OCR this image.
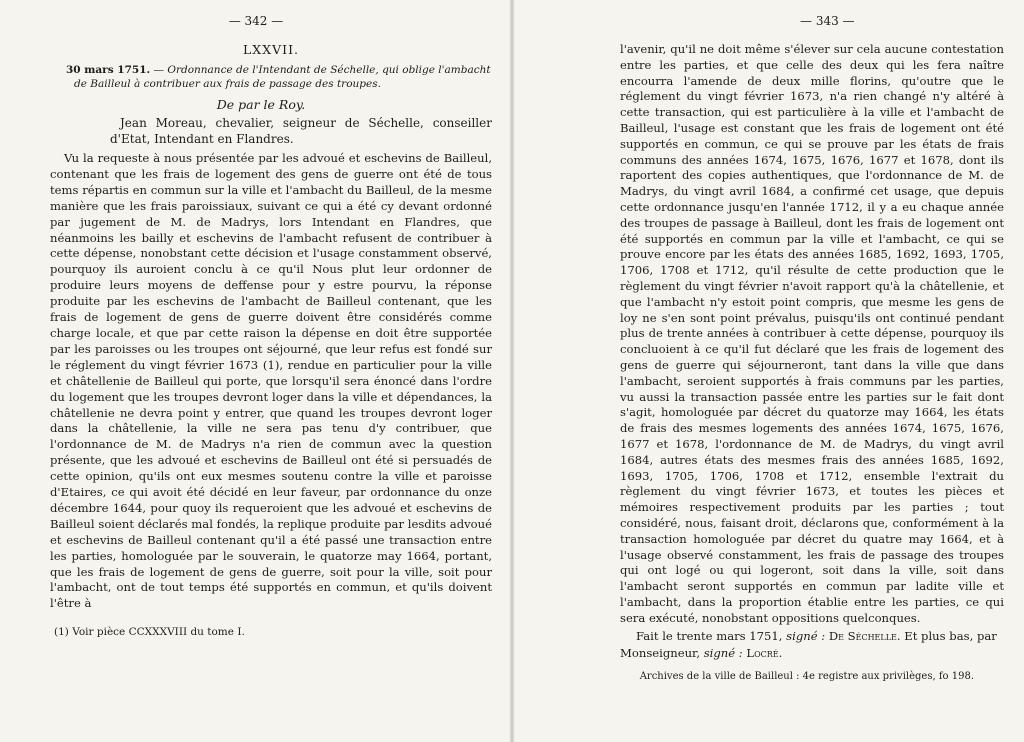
— 342 —
LXXVII.
30 mars 1751. — Ordonnance de l'Intendant de Séchelle, qui oblige l'ambacht de Bailleul à contribuer aux frais de passage des troupes.
De par le Roy.
Jean Moreau, chevalier, seigneur de Séchelle, conseiller d'Etat, Intendant en Flandres.

Vu la requeste à nous présentée par les advoué et eschevins de Bailleul, contenant que les frais de logement des gens de guerre ont été de tous tems répartis en commun sur la ville et l'ambacht du Bailleul, de la mesme manière que les frais paroissiaux, suivant ce qui a été cy devant ordonné par jugement de M. de Madrys, lors Intendant en Flandres, que néanmoins les bailly et eschevins de l'ambacht refusent de contribuer à cette dépense, nonobstant cette décision et l'usage constamment observé, pourquoy ils auroient conclu à ce qu'il Nous plut leur ordonner de produire leurs moyens de deffense pour y estre pourvu, la réponse produite par les eschevins de l'ambacht de Bailleul contenant, que les frais de logement de gens de guerre doivent être considérés comme charge locale, et que par cette raison la dépense en doit être supportée par les paroisses ou les troupes ont séjourné, que leur refus est fondé sur le réglement du vingt février 1673 (1), rendue en particulier pour la ville et châtellenie de Bailleul qui porte, que lorsqu'il sera énoncé dans l'ordre du logement que les troupes devront loger dans la ville et dépendances, la châtellenie ne devra point y entrer, que quand les troupes devront loger dans la châtellenie, la ville ne sera pas tenu d'y contribuer, que l'ordonnance de M. de Madrys n'a rien de commun avec la question présente, que les advoué et eschevins de Bailleul ont été si persuadés de cette opinion, qu'ils ont eux mesmes soutenu contre la ville et paroisse d'Etaires, ce qui avoit été décidé en leur faveur, par ordonnance du onze décembre 1644, pour quoy ils requeroient que les advoué et eschevins de Bailleul soient déclarés mal fondés, la replique produite par lesdits advoué et eschevins de Bailleul contenant qu'il a été passé une transaction entre les parties, homologuée par le souverain, le quatorze may 1664, portant, que les frais de logement de gens de guerre, soit pour la ville, soit pour l'ambacht, ont de tout temps été supportés en commun, et qu'ils doivent l'être à

(1) Voir pièce CCXXXVIII du tome I.
— 343 —

l'avenir, qu'il ne doit même s'élever sur cela aucune contestation entre les parties, et que celle des deux qui les fera naître encourra l'amende de deux mille florins, qu'outre que le réglement du vingt février 1673, n'a rien changé n'y altéré à cette transaction, qui est particulière à la ville et l'ambacht de Bailleul, l'usage est constant que les frais de logement ont été supportés en commun, ce qui se prouve par les états de frais communs des années 1674, 1675, 1676, 1677 et 1678, dont ils raportent des copies authentiques, que l'ordonnance de M. de Madrys, du vingt avril 1684, a confirmé cet usage, que depuis cette ordonnance jusqu'en l'année 1712, il y a eu chaque année des troupes de passage à Bailleul, dont les frais de logement ont été supportés en commun par la ville et l'ambacht, ce qui se prouve encore par les états des années 1685, 1692, 1693, 1705, 1706, 1708 et 1712, qu'il résulte de cette production que le règlement du vingt février n'avoit rapport qu'à la châtellenie, et que l'ambacht n'y estoit point compris, que mesme les gens de loy ne s'en sont point prévalus, puisqu'ils ont continué pendant plus de trente années à contribuer à cette dépense, pourquoy ils concluoient à ce qu'il fut déclaré que les frais de logement des gens de guerre qui séjourneront, tant dans la ville que dans l'ambacht, seroient supportés à frais communs par les parties, vu aussi la transaction passée entre les parties sur le fait dont s'agit, homologuée par décret du quatorze may 1664, les états de frais des mesmes logements des années 1674, 1675, 1676, 1677 et 1678, l'ordonnance de M. de Madrys, du vingt avril 1684, autres états des mesmes frais des années 1685, 1692, 1693, 1705, 1706, 1708 et 1712, ensemble l'extrait du règlement du vingt février 1673, et toutes les pièces et mémoires respectivement produits par les parties ; tout considéré, nous, faisant droit, déclarons que, conformément à la transaction homologuée par décret du quatre may 1664, et à l'usage observé constamment, les frais de passage des troupes qui ont logé ou qui logeront, soit dans la ville, soit dans l'ambacht seront supportés en commun par ladite ville et l'ambacht, dans la proportion établie entre les parties, ce qui sera exécuté, nonobstant oppositions quelconques.

Fait le trente mars 1751, signé : De Séchelle. Et plus bas, par Monseigneur, signé : Locré.
Archives de la ville de Bailleul : 4e registre aux privilèges, fo 198.
